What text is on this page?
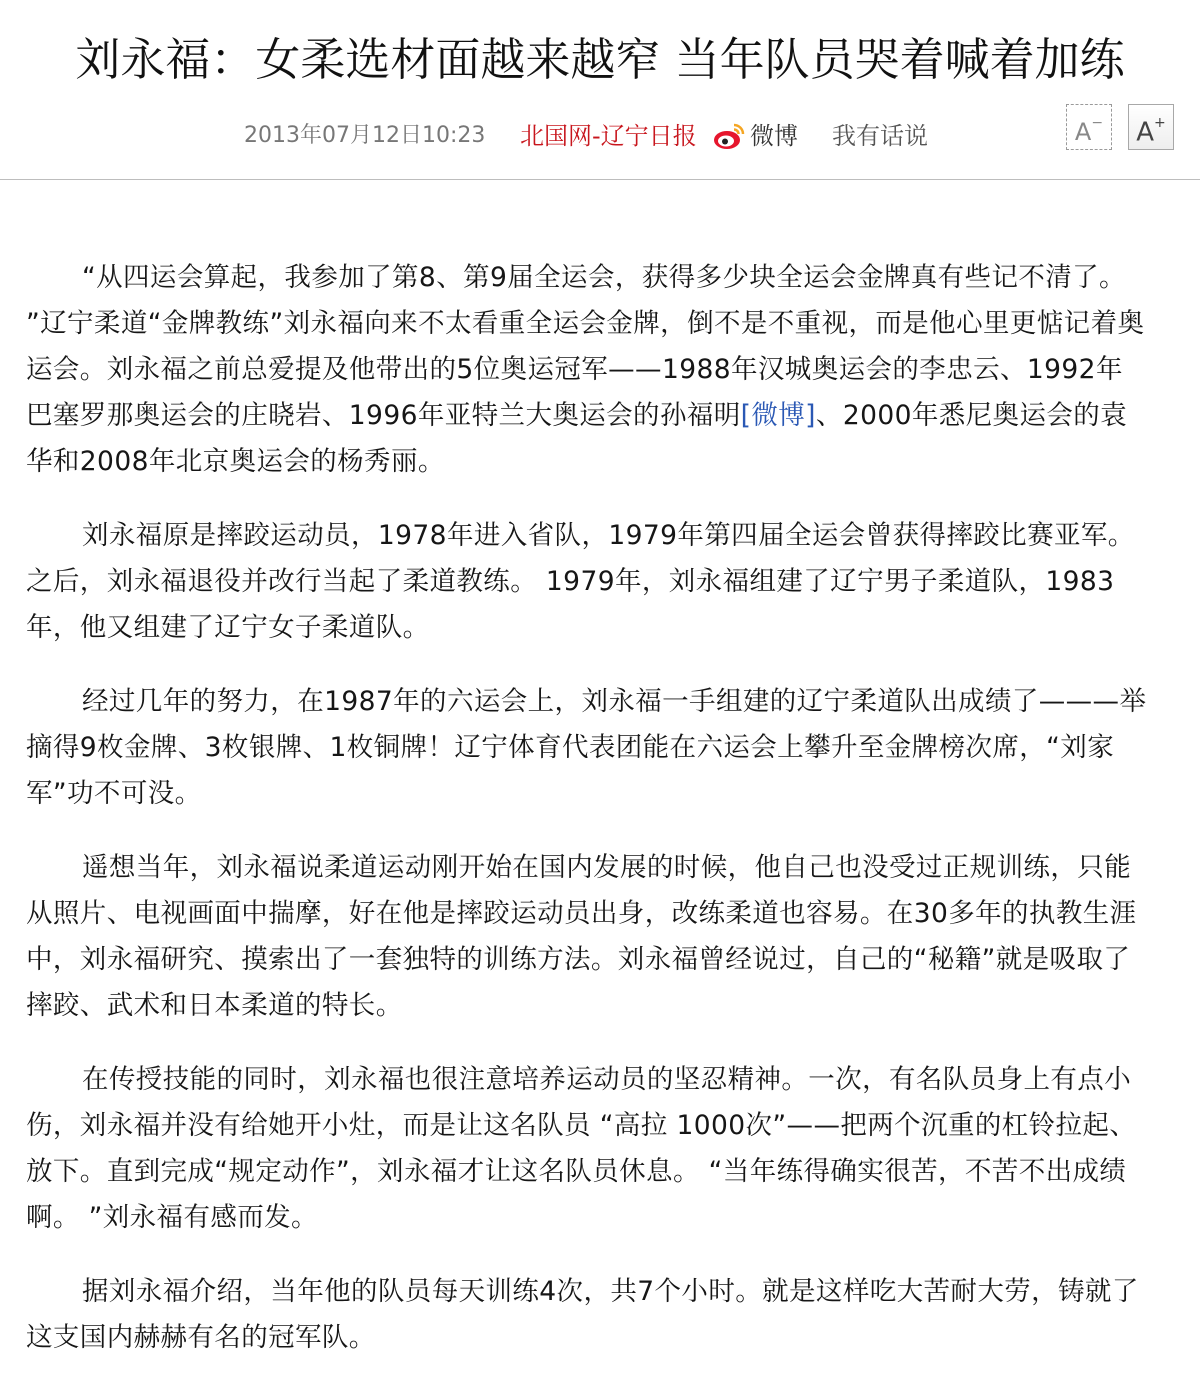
刘永福：女柔选材面越来越窄 当年队员哭着喊着加练
2013年07月12日10:23 北国网-辽宁日报 微博 我有话说	A−	A+

“从四运会算起，我参加了第8、第9届全运会，获得多少块全运会金牌真有些记不清了。 ”辽宁柔道“金牌教练”刘永福向来不太看重全运会金牌，倒不是不重视，而是他心里更惦记着奥运会。刘永福之前总爱提及他带出的5位奥运冠军——1988年汉城奥运会的李忠云、1992年巴塞罗那奥运会的庄晓岩、1996年亚特兰大奥运会的孙福明[微博]、2000年悉尼奥运会的袁华和2008年北京奥运会的杨秀丽。

刘永福原是摔跤运动员，1978年进入省队，1979年第四届全运会曾获得摔跤比赛亚军。之后，刘永福退役并改行当起了柔道教练。 1979年，刘永福组建了辽宁男子柔道队，1983年，他又组建了辽宁女子柔道队。

经过几年的努力，在1987年的六运会上，刘永福一手组建的辽宁柔道队出成绩了———举摘得9枚金牌、3枚银牌、1枚铜牌！辽宁体育代表团能在六运会上攀升至金牌榜次席，“刘家军”功不可没。

遥想当年，刘永福说柔道运动刚开始在国内发展的时候，他自己也没受过正规训练，只能从照片、电视画面中揣摩，好在他是摔跤运动员出身，改练柔道也容易。在30多年的执教生涯中，刘永福研究、摸索出了一套独特的训练方法。刘永福曾经说过，自己的“秘籍”就是吸取了摔跤、武术和日本柔道的特长。

在传授技能的同时，刘永福也很注意培养运动员的坚忍精神。一次，有名队员身上有点小伤，刘永福并没有给她开小灶，而是让这名队员 “高拉 1000次”——把两个沉重的杠铃拉起、放下。直到完成“规定动作”，刘永福才让这名队员休息。 “当年练得确实很苦，不苦不出成绩啊。 ”刘永福有感而发。

据刘永福介绍，当年他的队员每天训练4次，共7个小时。就是这样吃大苦耐大劳，铸就了这支国内赫赫有名的冠军队。
